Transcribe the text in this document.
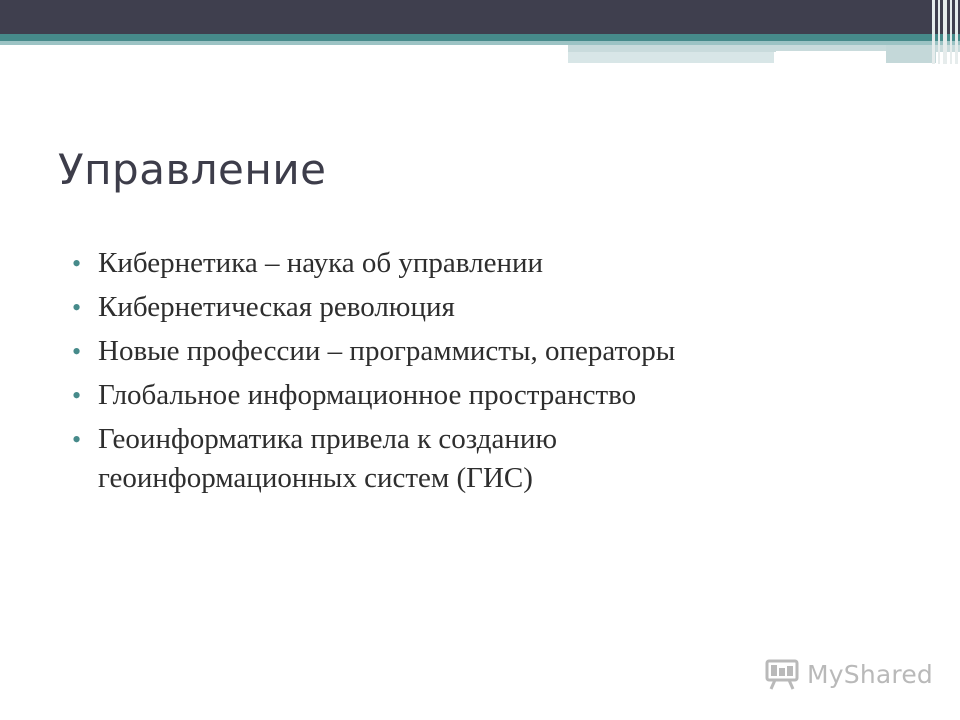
Управление
• Кибернетика – наука об управлении
• Кибернетическая революция
• Новые профессии – программисты, операторы
• Глобальное информационное пространство
• Геоинформатика привела к созданию геоинформационных систем (ГИС)
MyShared
